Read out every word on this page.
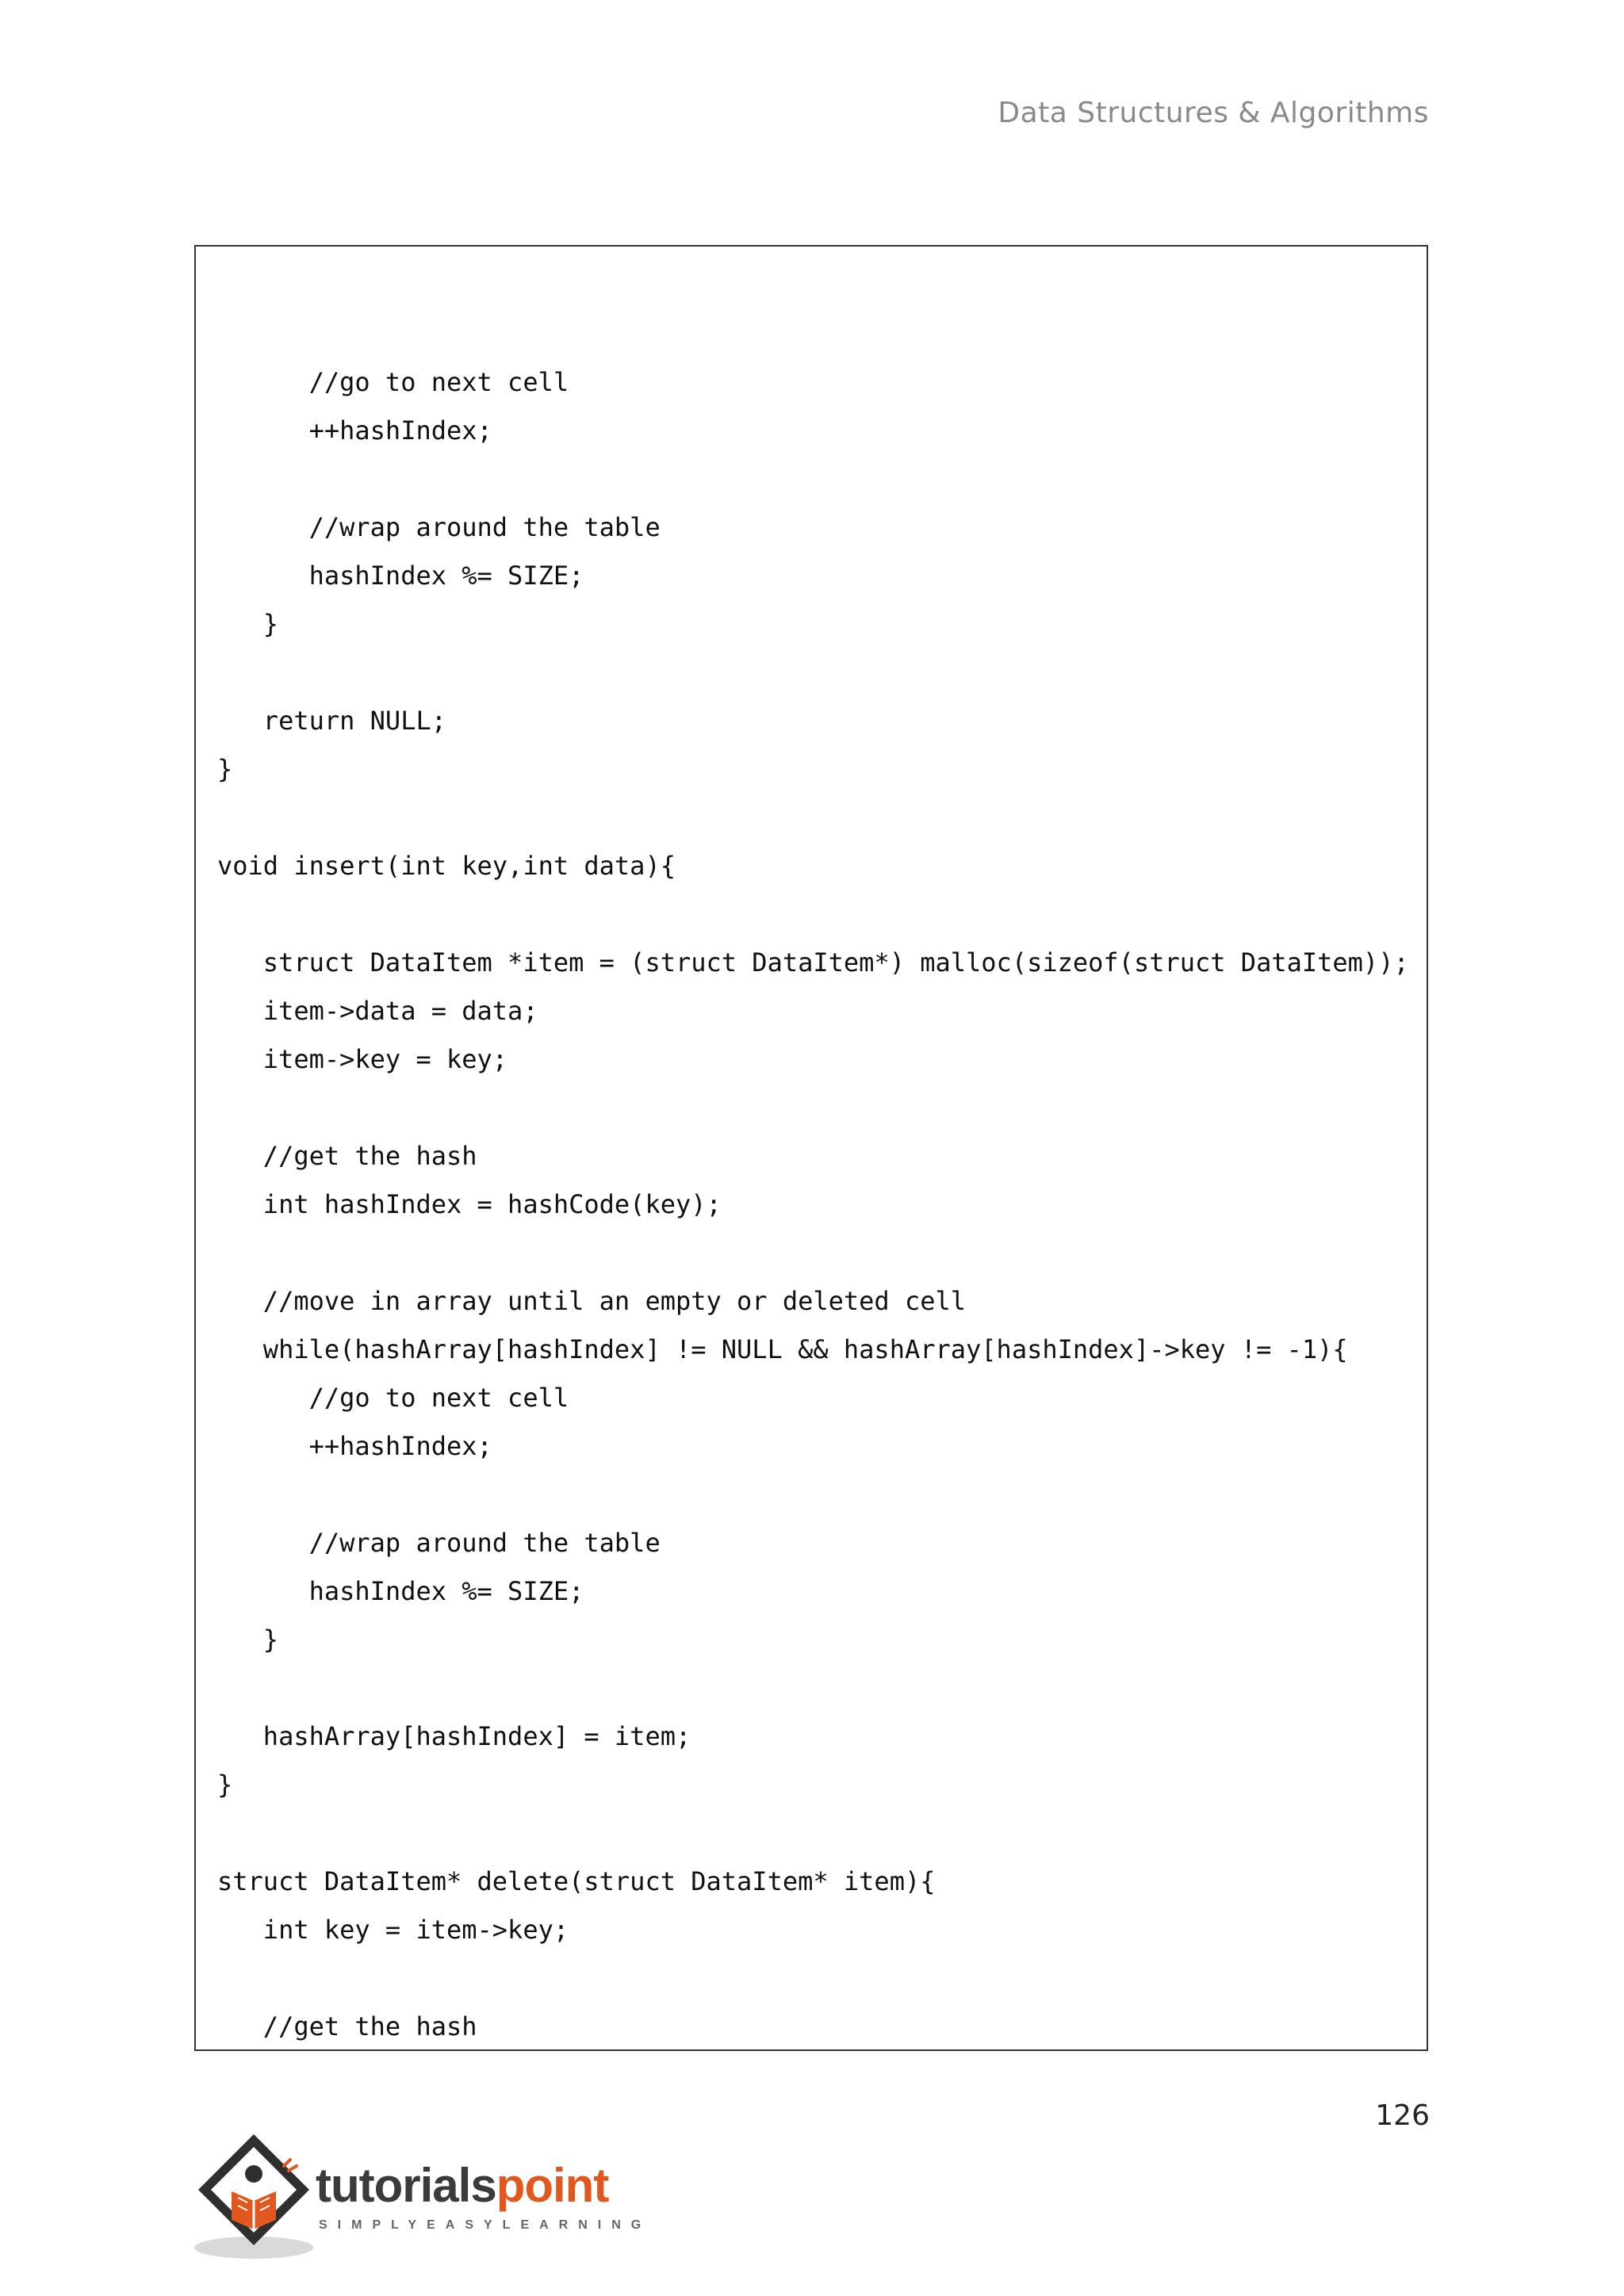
Data Structures & Algorithms
//go to next cell
++hashIndex;
//wrap around the table
hashIndex %= SIZE;
}
return NULL;
}
void insert(int key,int data){
struct DataItem *item = (struct DataItem*) malloc(sizeof(struct DataItem));
item->data = data;
item->key = key;
//get the hash
int hashIndex = hashCode(key);
//move in array until an empty or deleted cell
while(hashArray[hashIndex] != NULL && hashArray[hashIndex]->key != -1){
//go to next cell
++hashIndex;
//wrap around the table
hashIndex %= SIZE;
}
hashArray[hashIndex] = item;
}
struct DataItem* delete(struct DataItem* item){
int key = item->key;
//get the hash
126
tutorialspoint
SIMPLYEASYLEARNING
